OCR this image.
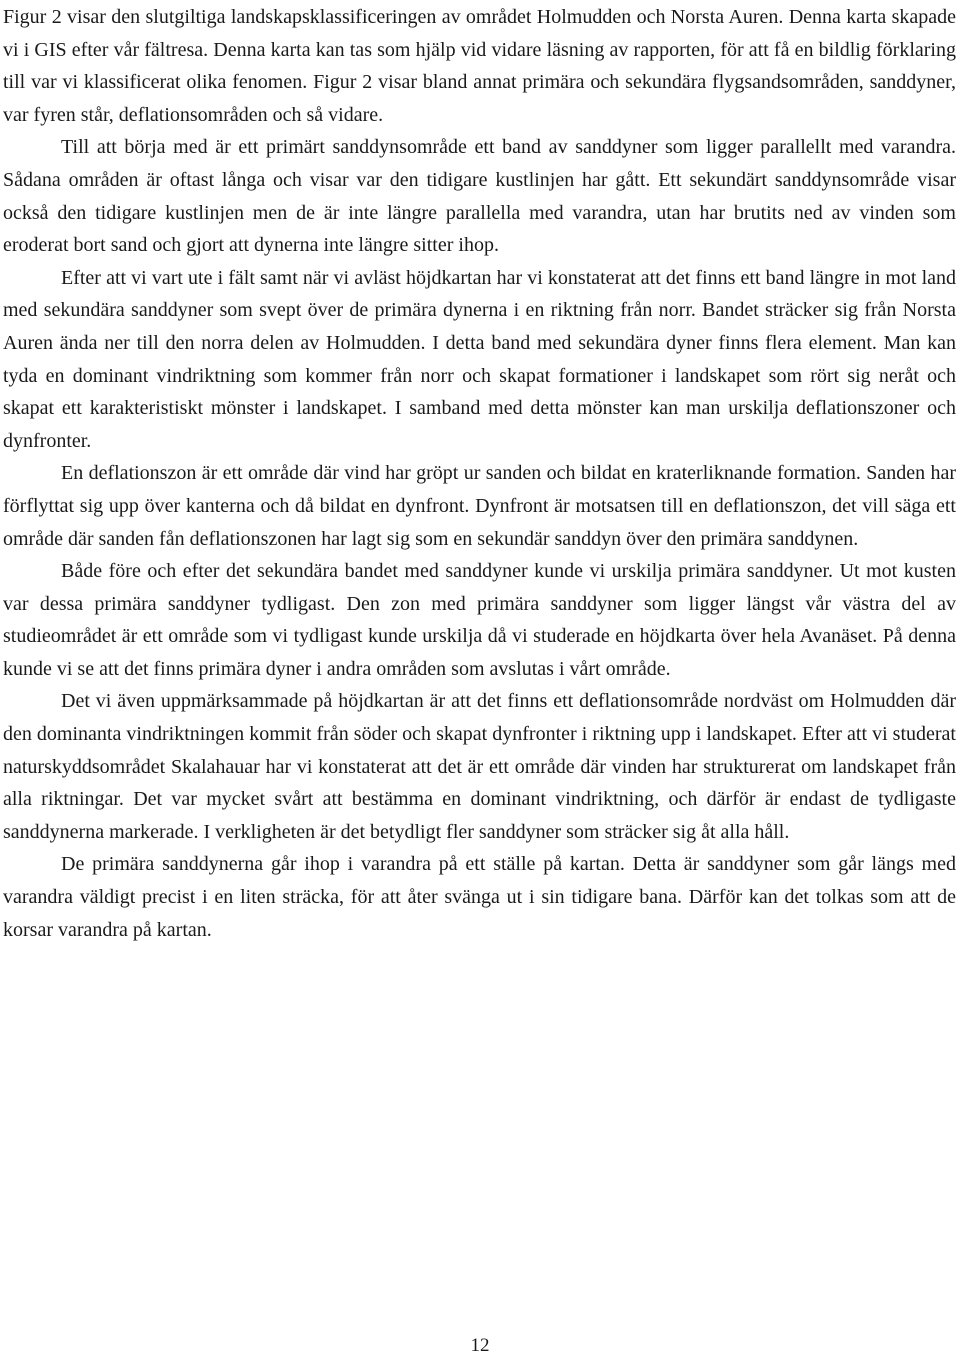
Figur 2 visar den slutgiltiga landskapsklassificeringen av området Holmudden och Norsta Auren. Denna karta skapade vi i GIS efter vår fältresa. Denna karta kan tas som hjälp vid vidare läsning av rapporten, för att få en bildlig förklaring till var vi klassificerat olika fenomen. Figur 2 visar bland annat primära och sekundära flygsandsområden, sanddyner, var fyren står, deflationsområden och så vidare.

Till att börja med är ett primärt sanddynsområde ett band av sanddyner som ligger parallellt med varandra. Sådana områden är oftast långa och visar var den tidigare kustlinjen har gått. Ett sekundärt sanddynsområde visar också den tidigare kustlinjen men de är inte längre parallella med varandra, utan har brutits ned av vinden som eroderat bort sand och gjort att dynerna inte längre sitter ihop.

Efter att vi vart ute i fält samt när vi avläst höjdkartan har vi konstaterat att det finns ett band längre in mot land med sekundära sanddyner som svept över de primära dynerna i en riktning från norr. Bandet sträcker sig från Norsta Auren ända ner till den norra delen av Holmudden. I detta band med sekundära dyner finns flera element. Man kan tyda en dominant vindriktning som kommer från norr och skapat formationer i landskapet som rört sig neråt och skapat ett karakteristiskt mönster i landskapet. I samband med detta mönster kan man urskilja deflationszoner och dynfronter.

En deflationszon är ett område där vind har gröpt ur sanden och bildat en kraterliknande formation. Sanden har förflyttat sig upp över kanterna och då bildat en dynfront. Dynfront är motsatsen till en deflationszon, det vill säga ett område där sanden fån deflationszonen har lagt sig som en sekundär sanddyn över den primära sanddynen.

Både före och efter det sekundära bandet med sanddyner kunde vi urskilja primära sanddyner. Ut mot kusten var dessa primära sanddyner tydligast. Den zon med primära sanddyner som ligger längst vår västra del av studieområdet är ett område som vi tydligast kunde urskilja då vi studerade en höjdkarta över hela Avanäset. På denna kunde vi se att det finns primära dyner i andra områden som avslutas i vårt område.

Det vi även uppmärksammade på höjdkartan är att det finns ett deflationsområde nordväst om Holmudden där den dominanta vindriktningen kommit från söder och skapat dynfronter i riktning upp i landskapet. Efter att vi studerat naturskyddsområdet Skalahauar har vi konstaterat att det är ett område där vinden har strukturerat om landskapet från alla riktningar. Det var mycket svårt att bestämma en dominant vindriktning, och därför är endast de tydligaste sanddynerna markerade. I verkligheten är det betydligt fler sanddyner som sträcker sig åt alla håll.

De primära sanddynerna går ihop i varandra på ett ställe på kartan. Detta är sanddyner som går längs med varandra väldigt precist i en liten sträcka, för att åter svänga ut i sin tidigare bana. Därför kan det tolkas som att de korsar varandra på kartan.

12
